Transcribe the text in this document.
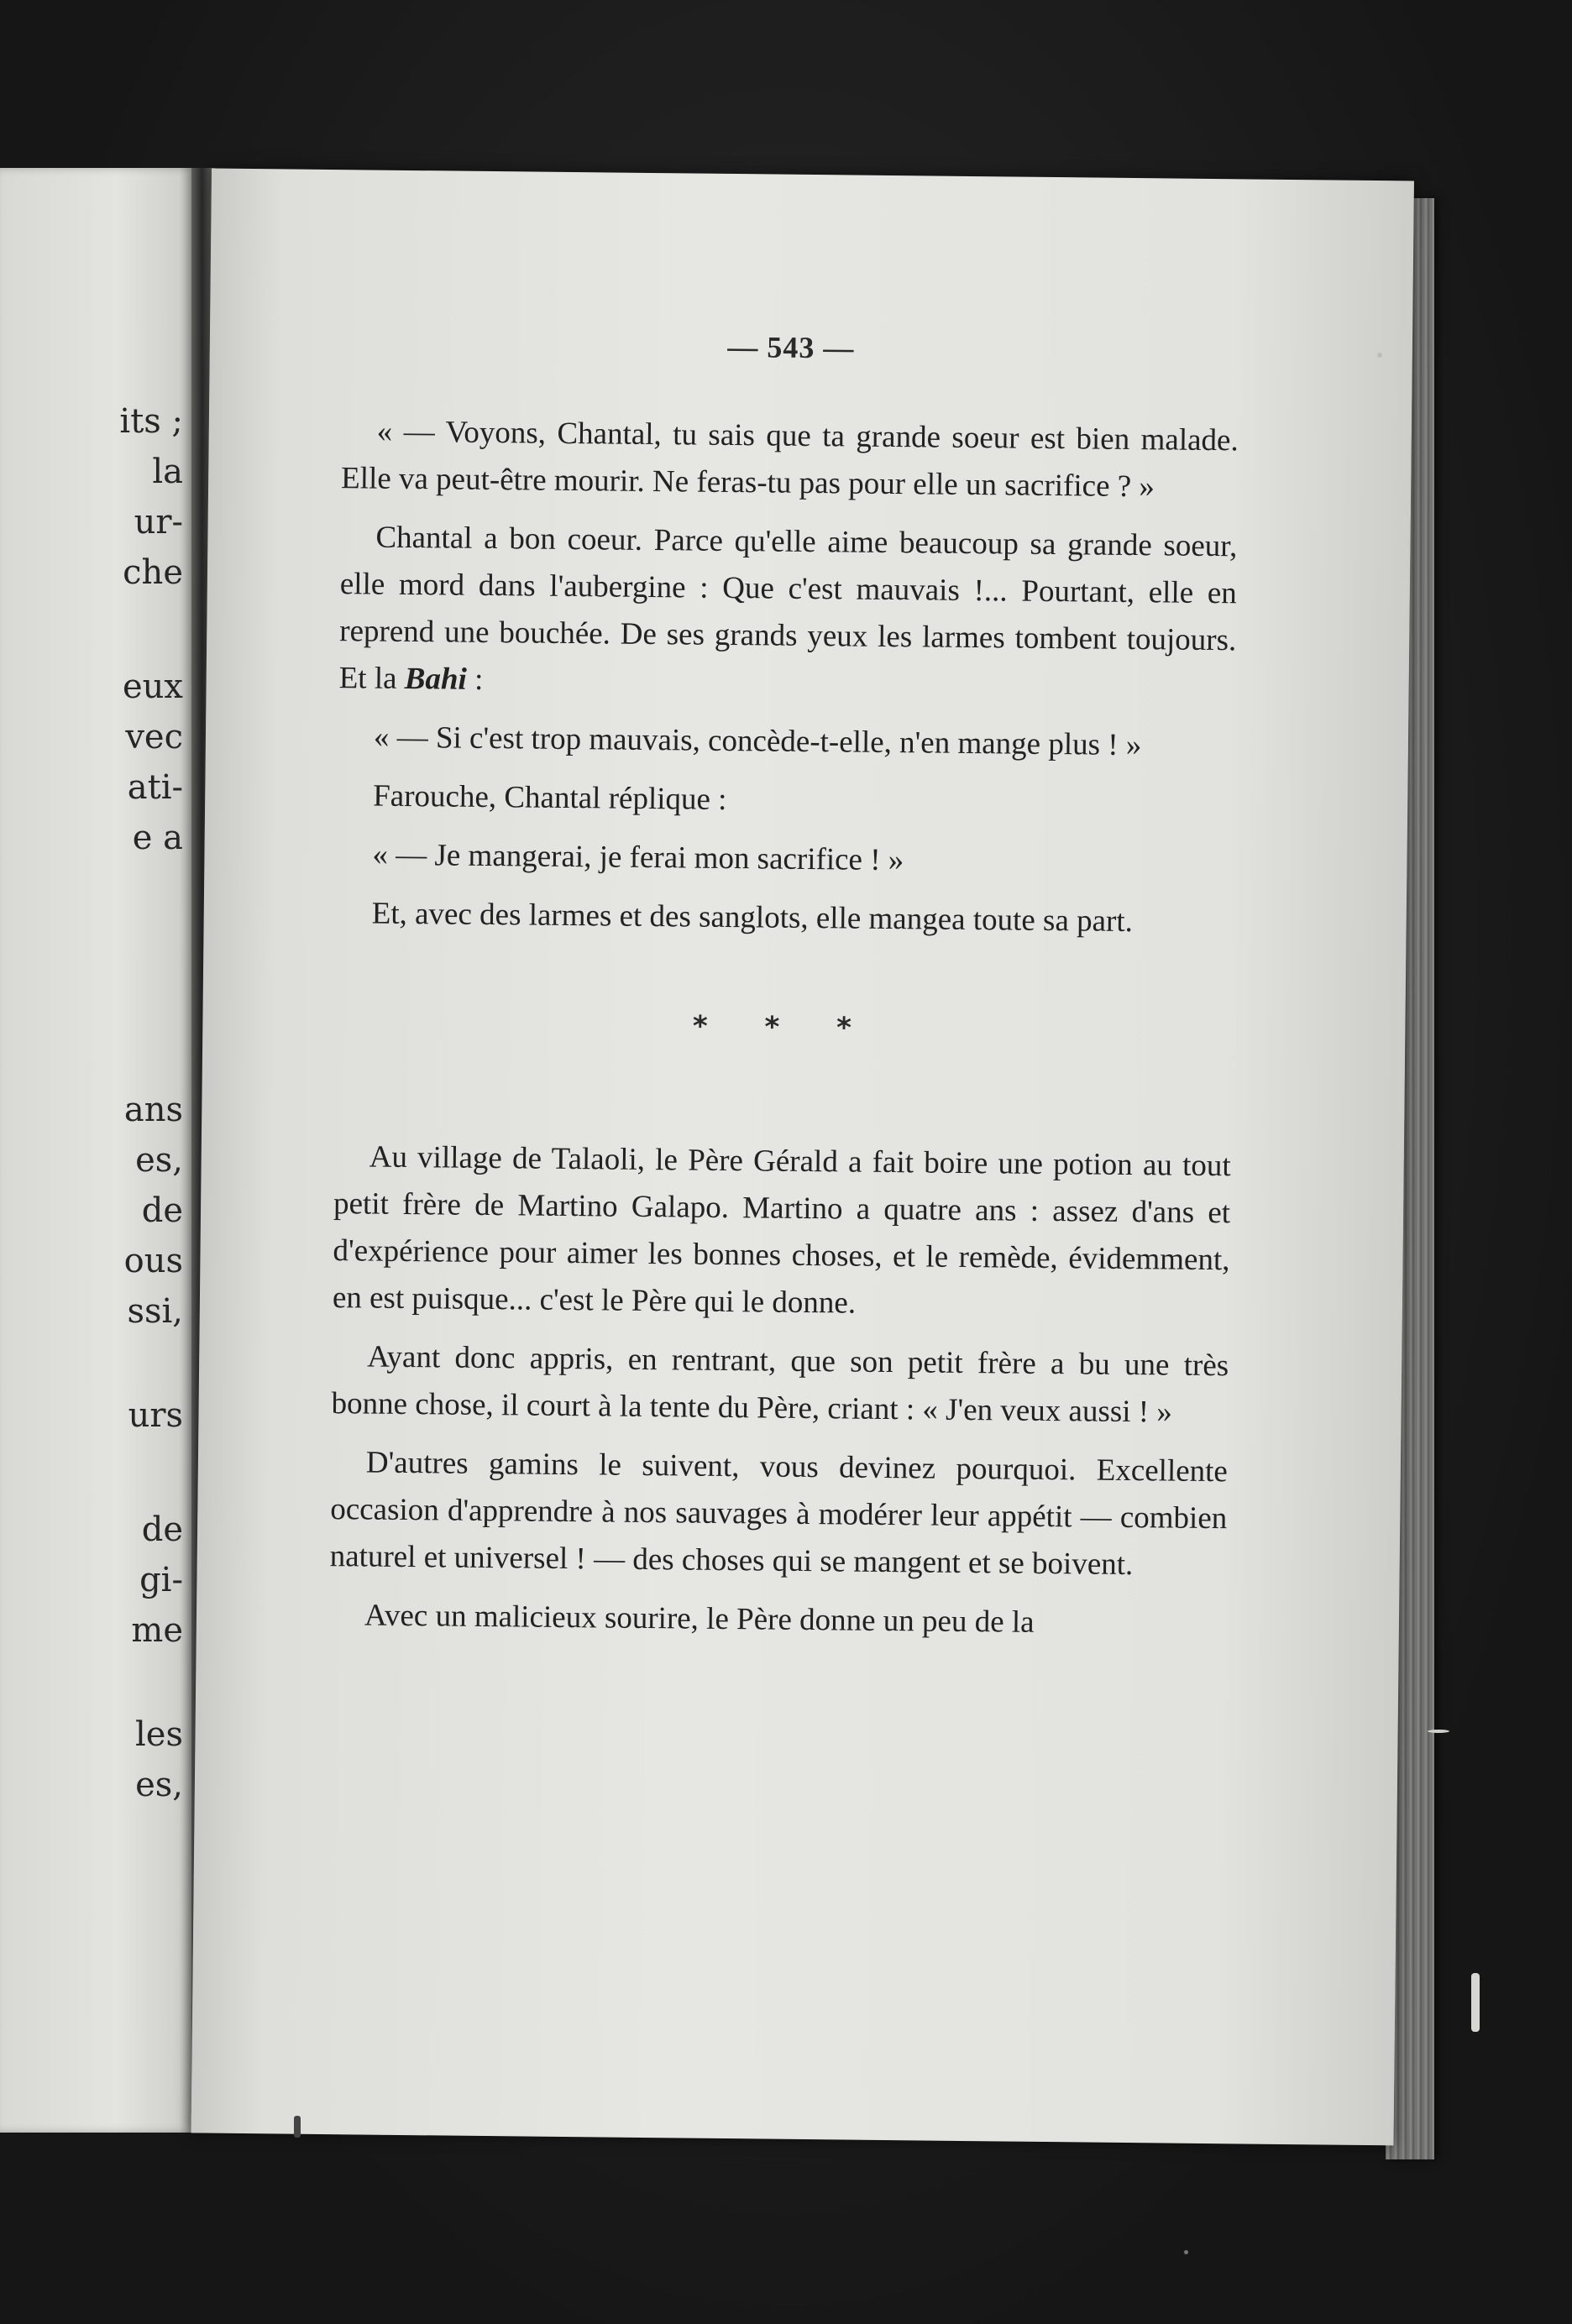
its ;
la
ur-
che
eux
vec
ati-
e a
ans
es,
de
ous
ssi,
urs
de
gi-
me
les
es,
— 543 —

« — Voyons, Chantal, tu sais que ta grande soeur est bien malade. Elle va peut-être mourir. Ne feras-tu pas pour elle un sacrifice ? »

Chantal a bon coeur. Parce qu'elle aime beaucoup sa grande soeur, elle mord dans l'aubergine : Que c'est mauvais !... Pourtant, elle en reprend une bouchée. De ses grands yeux les larmes tombent toujours. Et la Bahi :

« — Si c'est trop mauvais, concède-t-elle, n'en mange plus ! »

Farouche, Chantal réplique :

« — Je mangerai, je ferai mon sacrifice ! »

Et, avec des larmes et des sanglots, elle mangea toute sa part.

* * *

Au village de Talaoli, le Père Gérald a fait boire une potion au tout petit frère de Martino Galapo. Martino a quatre ans : assez d'ans et d'expérience pour aimer les bonnes choses, et le remède, évidemment, en est puisque... c'est le Père qui le donne.

Ayant donc appris, en rentrant, que son petit frère a bu une très bonne chose, il court à la tente du Père, criant : « J'en veux aussi ! »

D'autres gamins le suivent, vous devinez pourquoi. Excellente occasion d'apprendre à nos sauvages à modérer leur appétit — combien naturel et universel ! — des choses qui se mangent et se boivent.

Avec un malicieux sourire, le Père donne un peu de la
